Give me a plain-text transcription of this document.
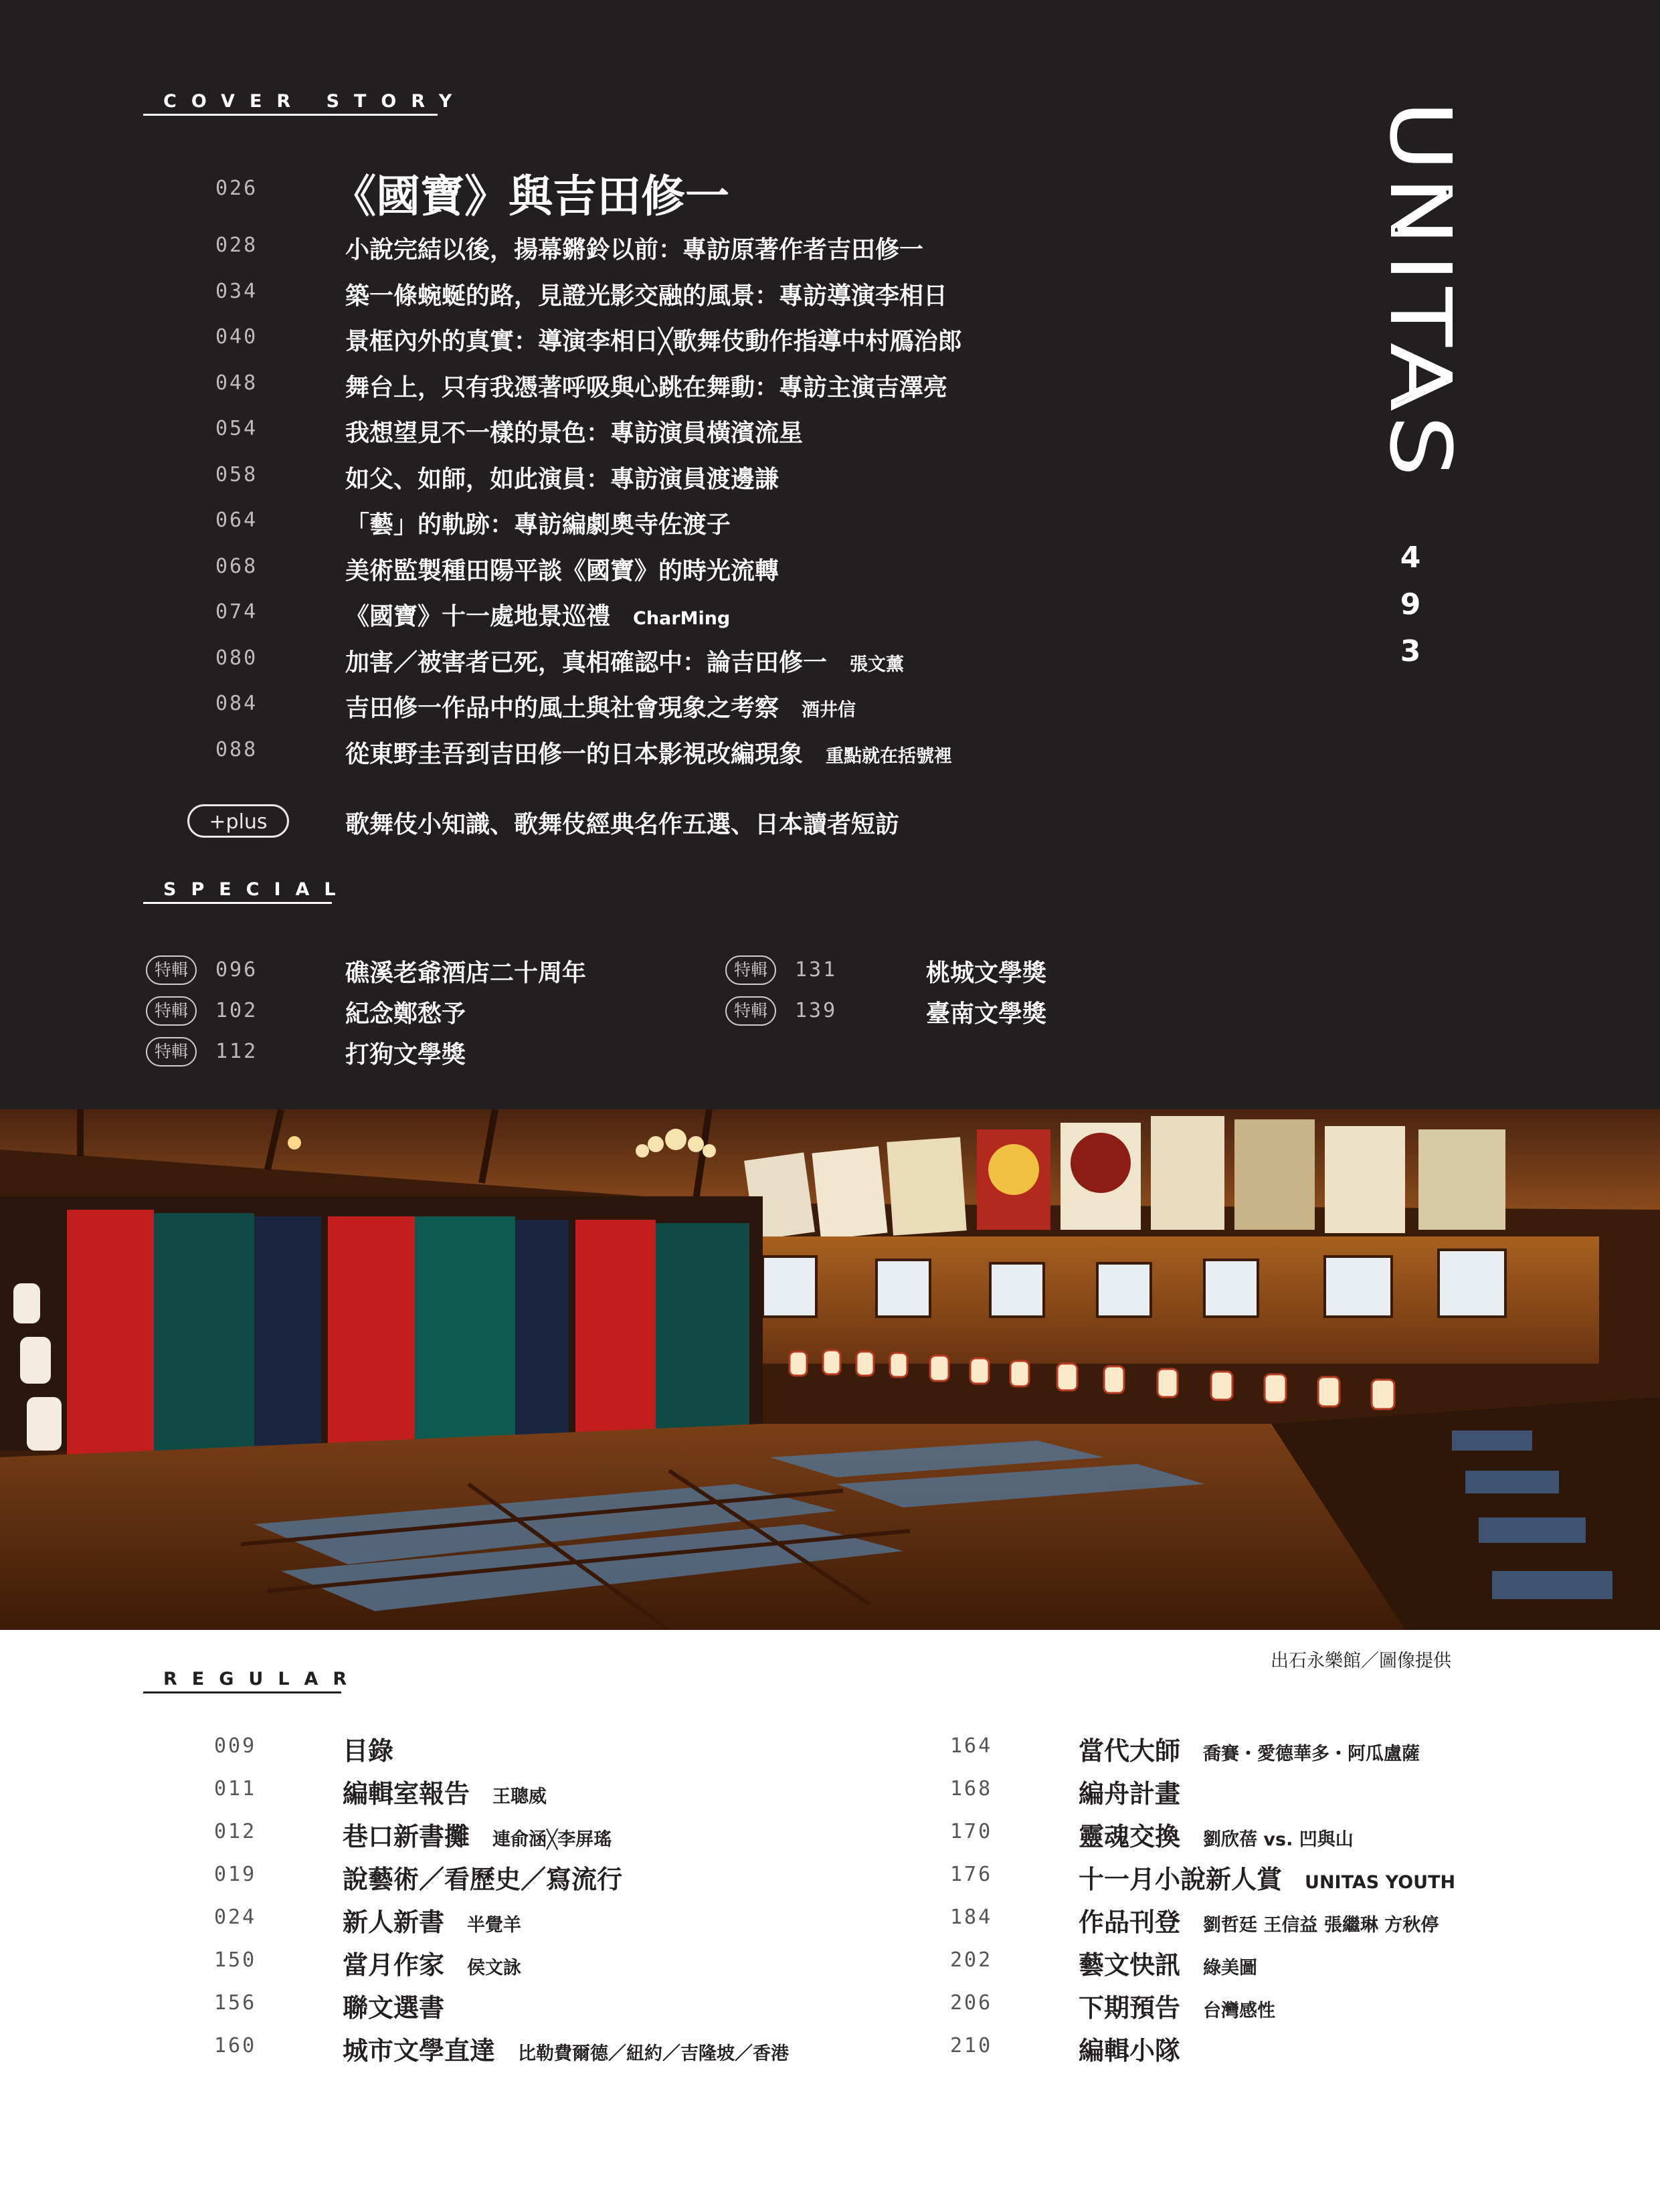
COVER STORY
026 《國寶》與吉田修一
028	小說完結以後，揚幕鏘鈴以前：專訪原著作者吉田修一
034	築一條蜿蜒的路，見證光影交融的風景：專訪導演李相日
040	景框內外的真實：導演李相日╳歌舞伎動作指導中村鴈治郎
048	舞台上，只有我憑著呼吸與心跳在舞動：專訪主演吉澤亮
054	我想望見不一樣的景色：專訪演員橫濱流星
058	如父、如師，如此演員：專訪演員渡邊謙
064	「藝」的軌跡：專訪編劇奧寺佐渡子
068	美術監製種田陽平談《國寶》的時光流轉
074	《國寶》十一處地景巡禮 CharMing
080	加害／被害者已死，真相確認中：論吉田修一 張文薰
084	吉田修一作品中的風土與社會現象之考察 酒井信
088	從東野圭吾到吉田修一的日本影視改編現象 重點就在括號裡
+plus	歌舞伎小知識、歌舞伎經典名作五選、日本讀者短訪
SPECIAL
特輯	096	礁溪老爺酒店二十周年
特輯	102	紀念鄭愁予
特輯	112	打狗文學獎
特輯	131	桃城文學獎
特輯	139	臺南文學獎
UNITAS
4
9
3
REGULAR
009	目錄
011	編輯室報告 王聰威
012	巷口新書攤 連俞涵╳李屏瑤
019	說藝術／看歷史／寫流行
024	新人新書 半覺羊
150	當月作家 侯文詠
156	聯文選書
160	城市文學直達 比勒費爾德／紐約／吉隆坡／香港
164	當代大師 喬賽・愛德華多・阿瓜盧薩
168	編舟計畫
170	靈魂交換 劉欣蓓 vs. 凹與山
176	十一月小說新人賞 UNITAS YOUTH
184	作品刊登 劉哲廷 王信益 張繼琳 方秋停
202	藝文快訊 綠美圖
206	下期預告 台灣感性
210	編輯小隊
出石永樂館／圖像提供
